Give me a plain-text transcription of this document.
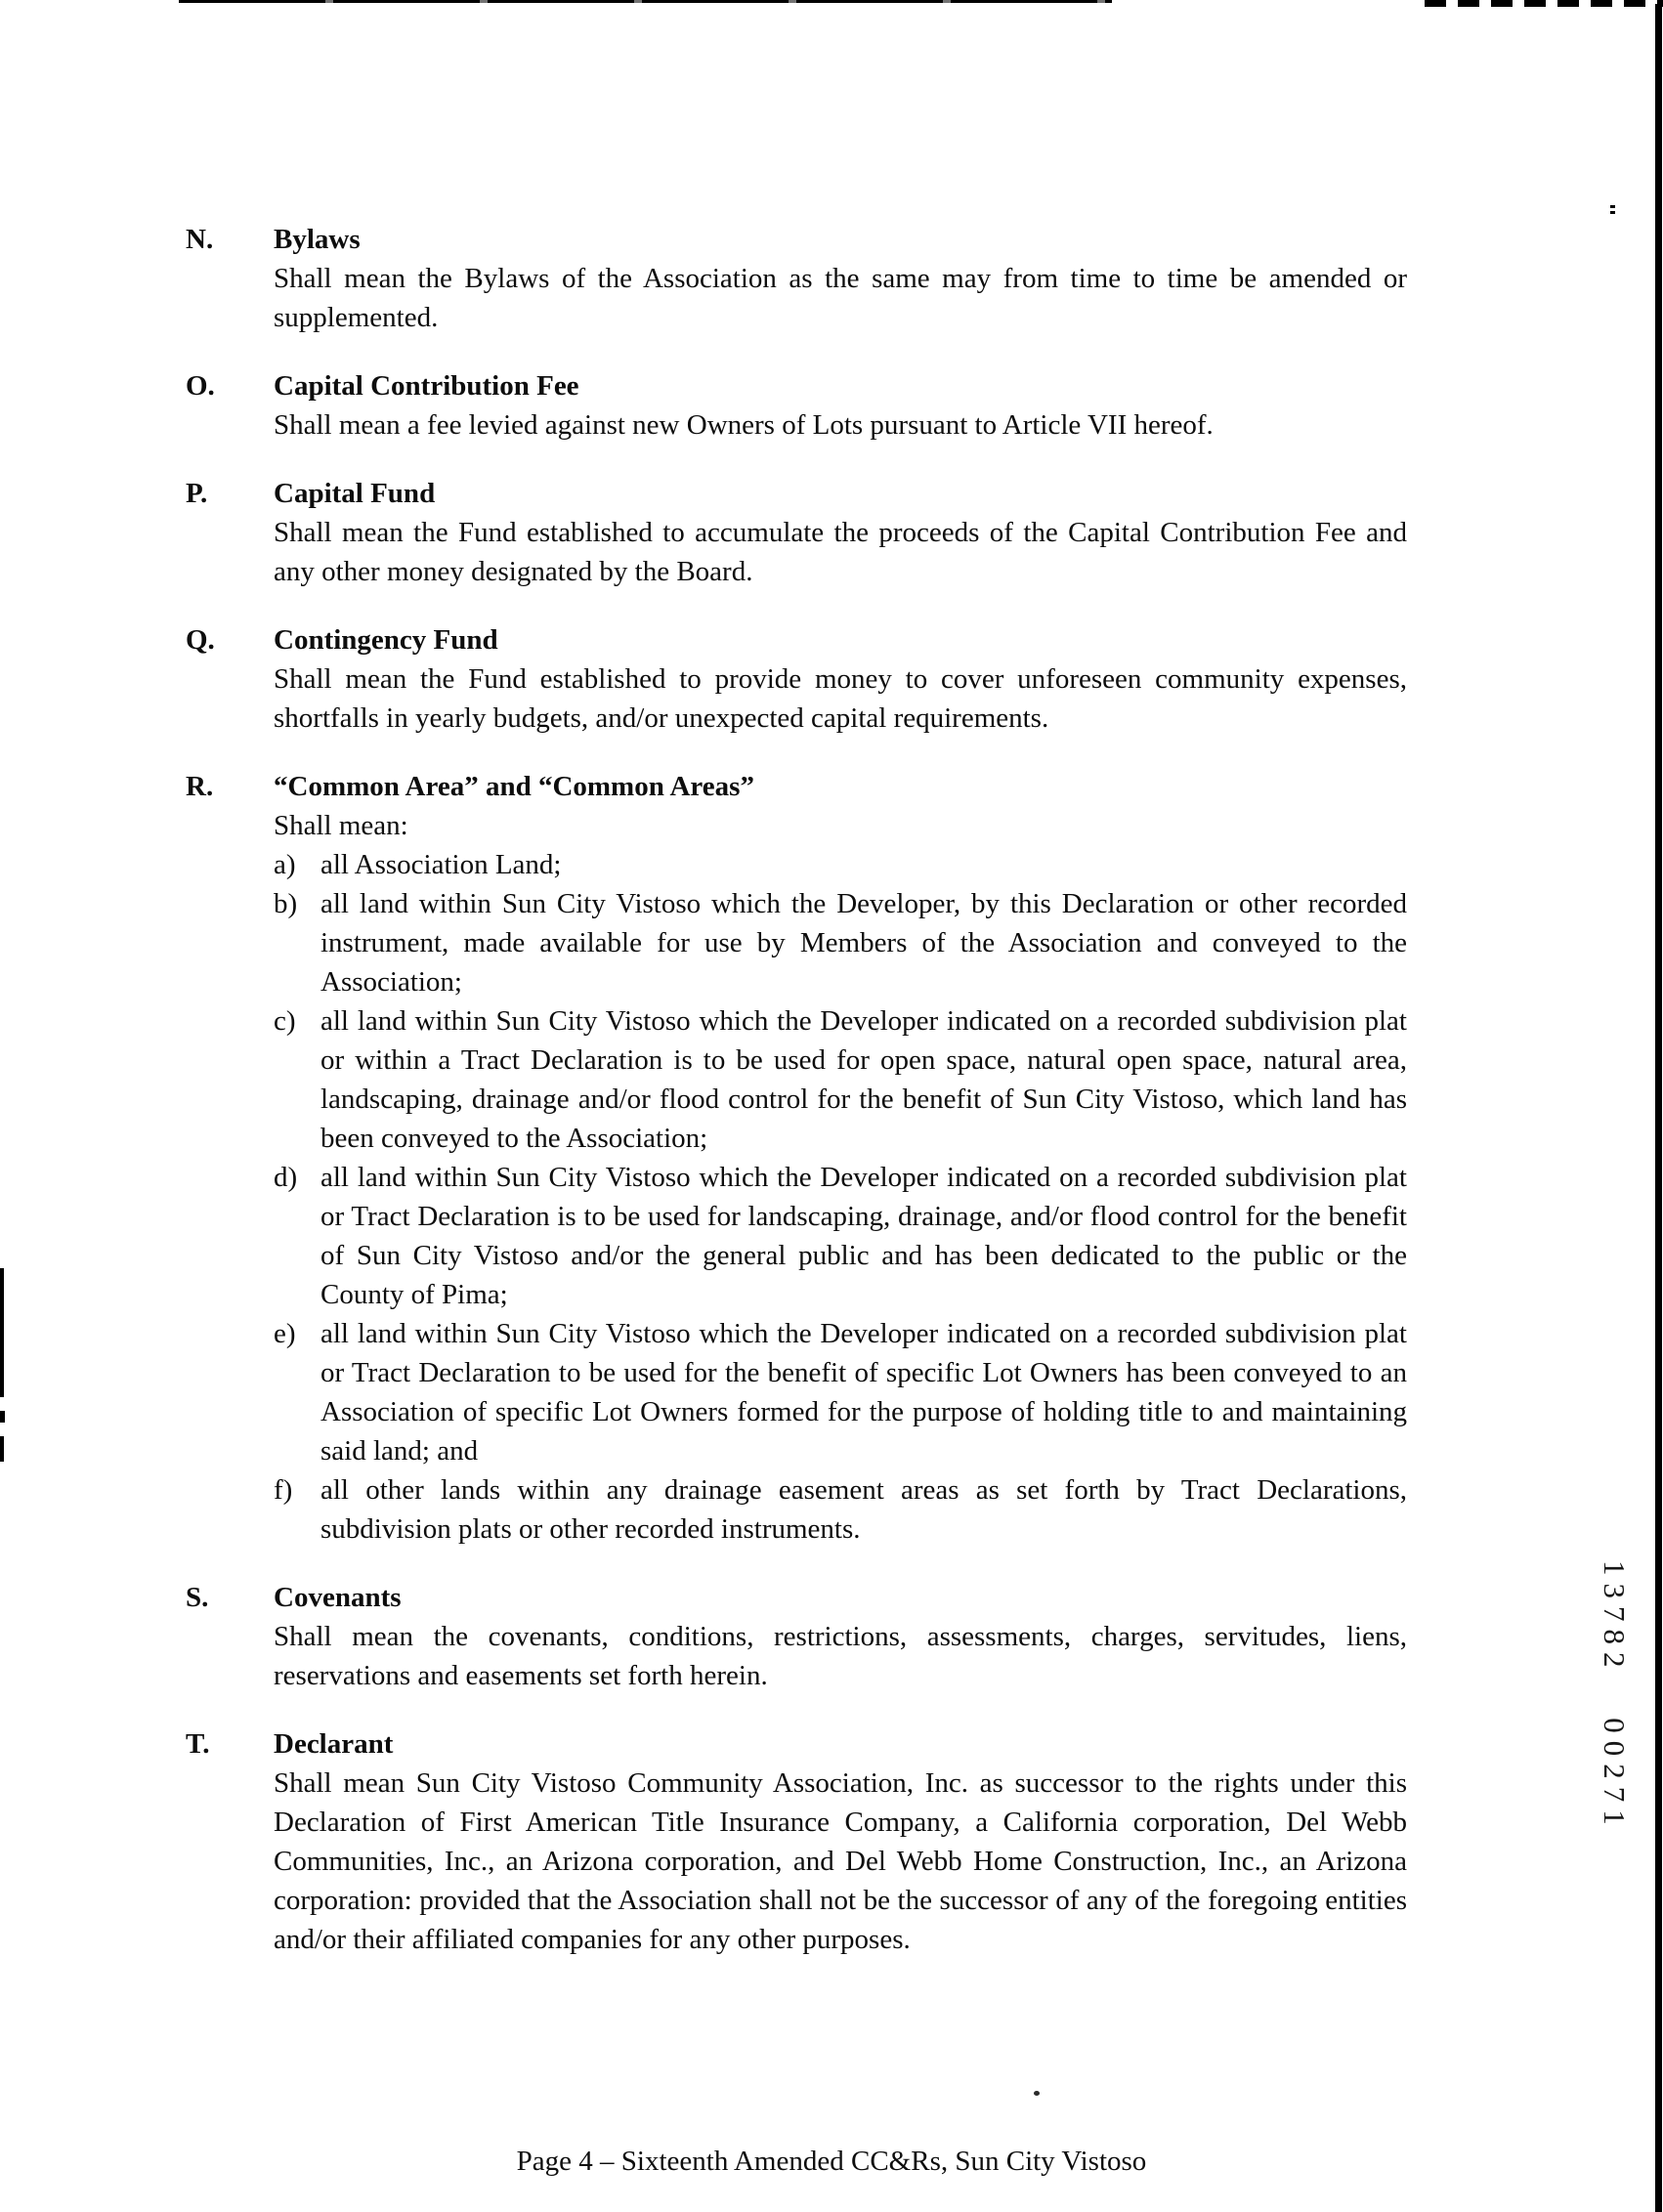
N.	Bylaws

Shall mean the Bylaws of the Association as the same may from time to time be amended or supplemented.

O.	Capital Contribution Fee

Shall mean a fee levied against new Owners of Lots pursuant to Article VII hereof.

P.	Capital Fund

Shall mean the Fund established to accumulate the proceeds of the Capital Contribution Fee and any other money designated by the Board.

Q.	Contingency Fund

Shall mean the Fund established to provide money to cover unforeseen community expenses, shortfalls in yearly budgets, and/or unexpected capital requirements.

R.	“Common Area” and “Common Areas”

Shall mean:

a) all Association Land;
b) all land within Sun City Vistoso which the Developer, by this Declaration or other recorded instrument, made available for use by Members of the Association and conveyed to the Association;
c) all land within Sun City Vistoso which the Developer indicated on a recorded subdivision plat or within a Tract Declaration is to be used for open space, natural open space, natural area, landscaping, drainage and/or flood control for the benefit of Sun City Vistoso, which land has been conveyed to the Association;
d) all land within Sun City Vistoso which the Developer indicated on a recorded subdivision plat or Tract Declaration is to be used for landscaping, drainage, and/or flood control for the benefit of Sun City Vistoso and/or the general public and has been dedicated to the public or the County of Pima;
e) all land within Sun City Vistoso which the Developer indicated on a recorded subdivision plat or Tract Declaration to be used for the benefit of specific Lot Owners has been conveyed to an Association of specific Lot Owners formed for the purpose of holding title to and maintaining said land; and
f) all other lands within any drainage easement areas as set forth by Tract Declarations, subdivision plats or other recorded instruments.
S.	Covenants

Shall mean the covenants, conditions, restrictions, assessments, charges, servitudes, liens, reservations and easements set forth herein.

T.	Declarant

Shall mean Sun City Vistoso Community Association, Inc. as successor to the rights under this Declaration of First American Title Insurance Company, a California corporation, Del Webb Communities, Inc., an Arizona corporation, and Del Webb Home Construction, Inc., an Arizona corporation: provided that the Association shall not be the successor of any of the foregoing entities and/or their affiliated companies for any other purposes.

13782 00271
Page 4 – Sixteenth Amended CC&Rs, Sun City Vistoso
